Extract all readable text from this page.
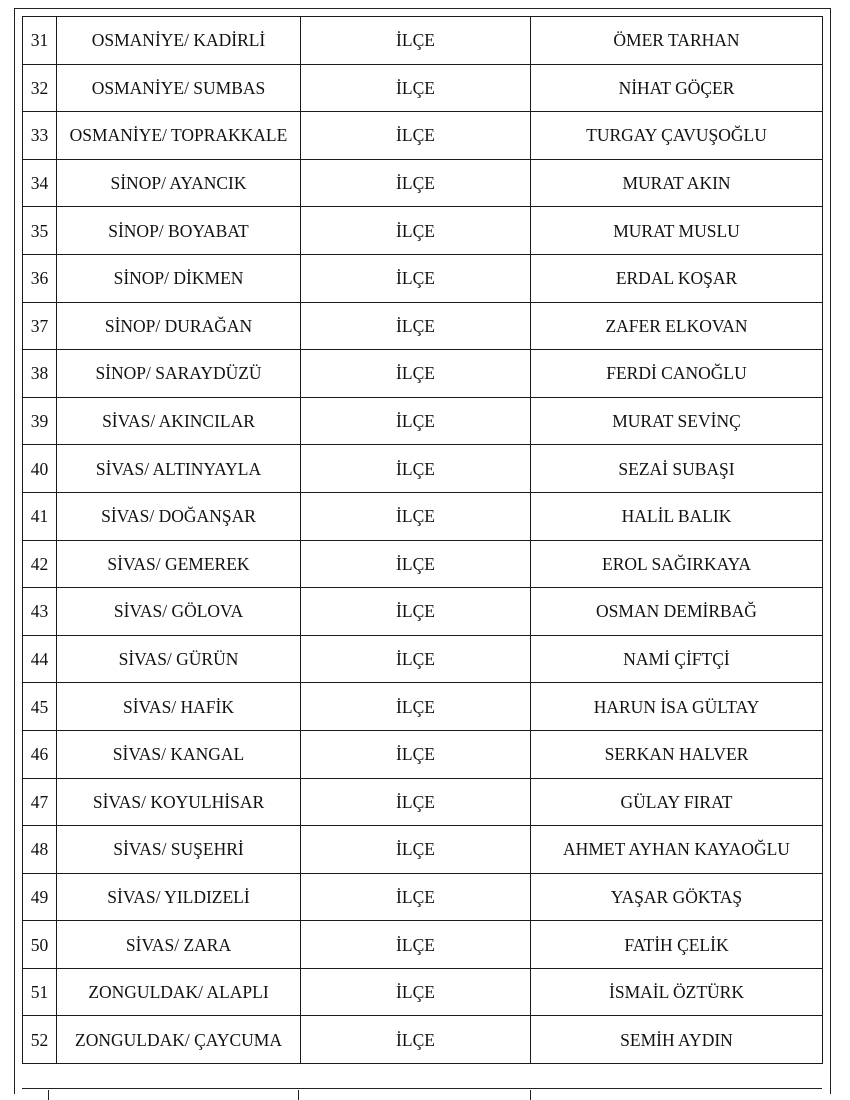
31	OSMANİYE/ KADİRLİ	İLÇE	ÖMER TARHAN
32	OSMANİYE/ SUMBAS	İLÇE	NİHAT GÖÇER
33	OSMANİYE/ TOPRAKKALE	İLÇE	TURGAY ÇAVUŞOĞLU
34	SİNOP/ AYANCIK	İLÇE	MURAT AKIN
35	SİNOP/ BOYABAT	İLÇE	MURAT MUSLU
36	SİNOP/ DİKMEN	İLÇE	ERDAL KOŞAR
37	SİNOP/ DURAĞAN	İLÇE	ZAFER ELKOVAN
38	SİNOP/ SARAYDÜZÜ	İLÇE	FERDİ CANOĞLU
39	SİVAS/ AKINCILAR	İLÇE	MURAT SEVİNÇ
40	SİVAS/ ALTINYAYLA	İLÇE	SEZAİ SUBAŞI
41	SİVAS/ DOĞANŞAR	İLÇE	HALİL BALIK
42	SİVAS/ GEMEREK	İLÇE	EROL SAĞIRKAYA
43	SİVAS/ GÖLOVA	İLÇE	OSMAN DEMİRBAĞ
44	SİVAS/ GÜRÜN	İLÇE	NAMİ ÇİFTÇİ
45	SİVAS/ HAFİK	İLÇE	HARUN İSA GÜLTAY
46	SİVAS/ KANGAL	İLÇE	SERKAN HALVER
47	SİVAS/ KOYULHİSAR	İLÇE	GÜLAY FIRAT
48	SİVAS/ SUŞEHRİ	İLÇE	AHMET AYHAN KAYAOĞLU
49	SİVAS/ YILDIZELİ	İLÇE	YAŞAR GÖKTAŞ
50	SİVAS/ ZARA	İLÇE	FATİH ÇELİK
51	ZONGULDAK/ ALAPLI	İLÇE	İSMAİL ÖZTÜRK
52	ZONGULDAK/ ÇAYCUMA	İLÇE	SEMİH AYDIN
